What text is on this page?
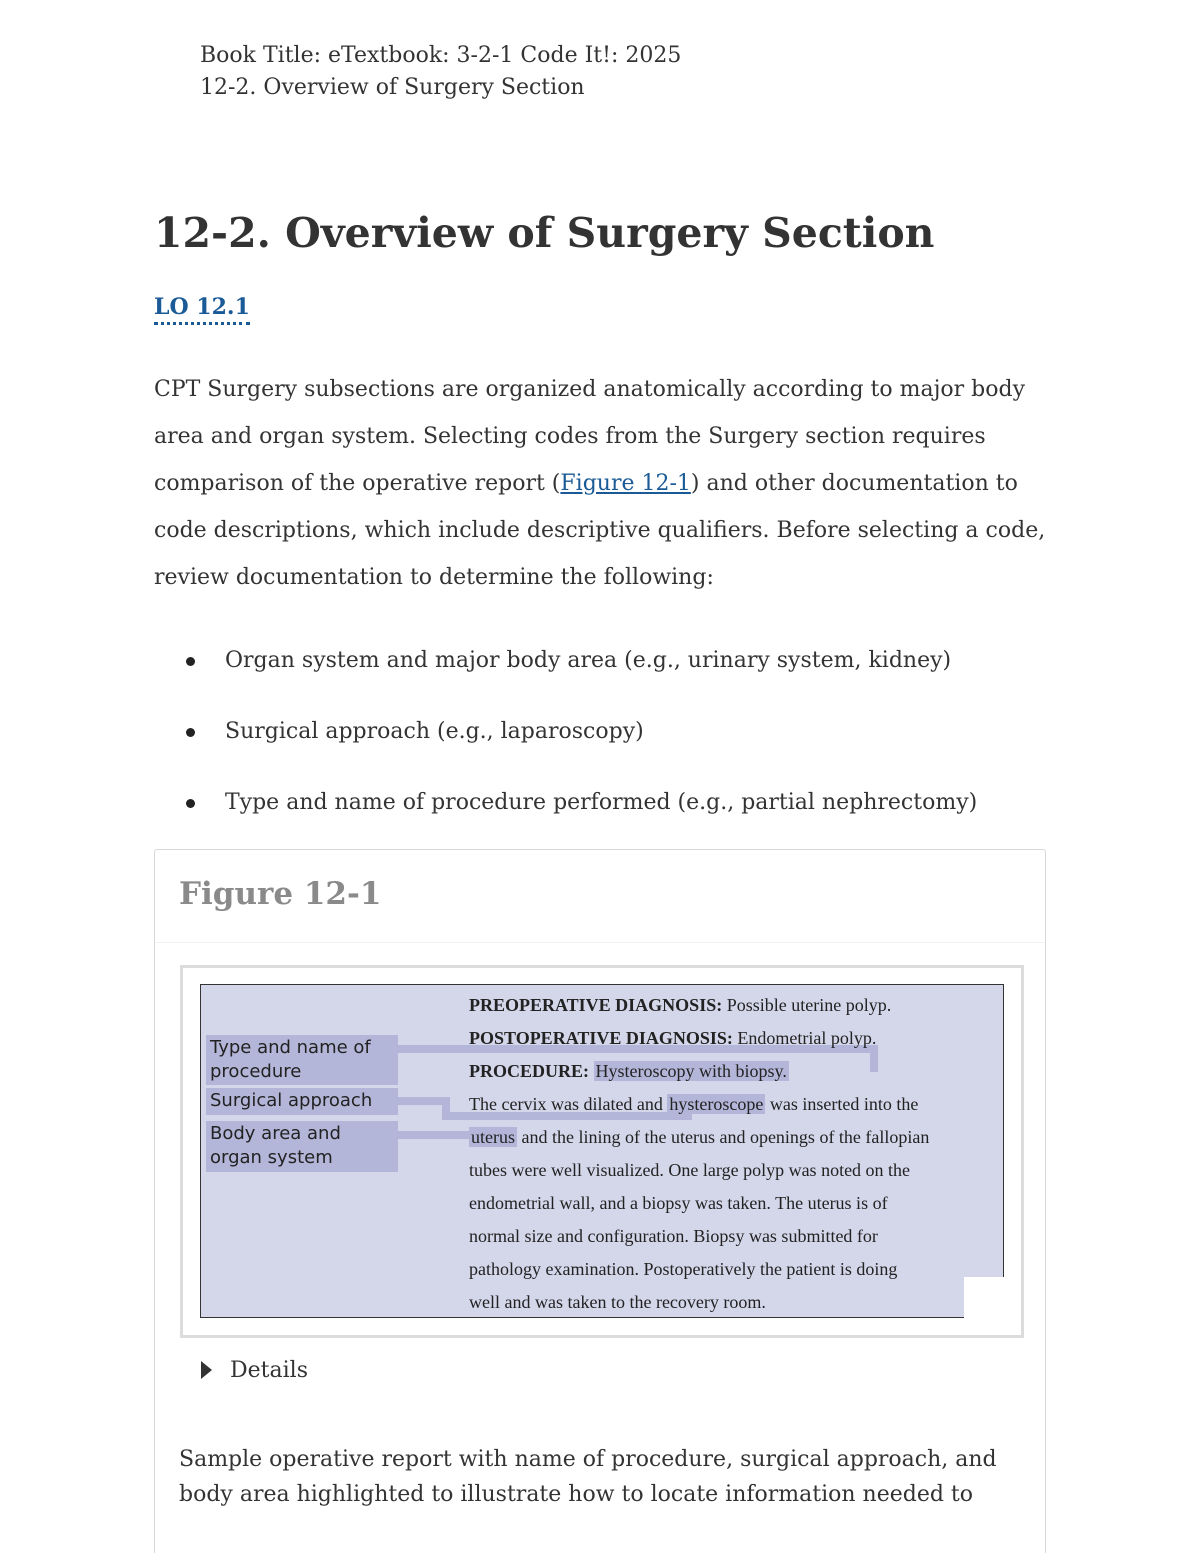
Book Title: eTextbook: 3-2-1 Code It!: 2025
12-2. Overview of Surgery Section
12-2. Overview of Surgery Section
LO 12.1

CPT Surgery subsections are organized anatomically according to major body area and organ system. Selecting codes from the Surgery section requires comparison of the operative report (Figure 12-1) and other documentation to code descriptions, which include descriptive qualifiers. Before selecting a code, review documentation to determine the following:

Organ system and major body area (e.g., urinary system, kidney)
Surgical approach (e.g., laparoscopy)
Type and name of procedure performed (e.g., partial nephrectomy)
Figure 12-1
Type and name of procedure
Surgical approach
Body area and organ system
PREOPERATIVE DIAGNOSIS: Possible uterine polyp.
POSTOPERATIVE DIAGNOSIS: Endometrial polyp.
PROCEDURE: Hysteroscopy with biopsy.
The cervix was dilated and hysteroscope was inserted into the
uterus and the lining of the uterus and openings of the fallopian
tubes were well visualized. One large polyp was noted on the
endometrial wall, and a biopsy was taken. The uterus is of
normal size and configuration. Biopsy was submitted for
pathology examination. Postoperatively the patient is doing
well and was taken to the recovery room.
Details

Sample operative report with name of procedure, surgical approach, and body area highlighted to illustrate how to locate information needed to
